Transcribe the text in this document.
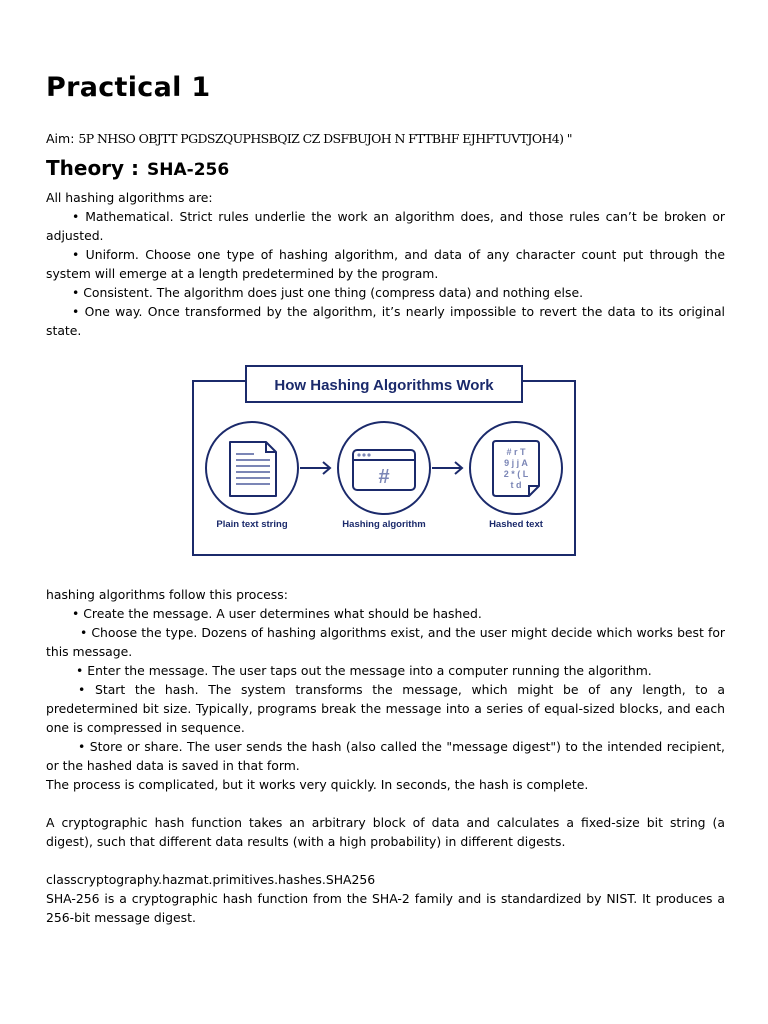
Practical 1
Aim: 5P NHSO OBJTT PGDSZQUPHSBQIZ CZ DSFBUJOH N FTTBHF EJHFTUVTJOH4) "
Theory : SHA-256

All hashing algorithms are:

• Mathematical. Strict rules underlie the work an algorithm does, and those rules can’t be broken or adjusted.

• Uniform. Choose one type of hashing algorithm, and data of any character count put through the system will emerge at a length predetermined by the program.

• Consistent. The algorithm does just one thing (compress data) and nothing else.

• One way. Once transformed by the algorithm, it’s nearly impossible to revert the data to its original state.

How Hashing Algorithms Work
#
# r T
9 j j A
2 * ( L
t d
Plain text string	Hashing algorithm	Hashed text

hashing algorithms follow this process:

• Create the message. A user determines what should be hashed.

• Choose the type. Dozens of hashing algorithms exist, and the user might decide which works best for this message.

• Enter the message. The user taps out the message into a computer running the algorithm.

• Start the hash. The system transforms the message, which might be of any length, to a predetermined bit size. Typically, programs break the message into a series of equal-sized blocks, and each one is compressed in sequence.

• Store or share. The user sends the hash (also called the "message digest") to the intended recipient, or the hashed data is saved in that form.

The process is complicated, but it works very quickly. In seconds, the hash is complete.

A cryptographic hash function takes an arbitrary block of data and calculates a fixed-size bit string (a digest), such that different data results (with a high probability) in different digests.

classcryptography.hazmat.primitives.hashes.SHA256

SHA-256 is a cryptographic hash function from the SHA-2 family and is standardized by NIST. It produces a 256-bit message digest.
